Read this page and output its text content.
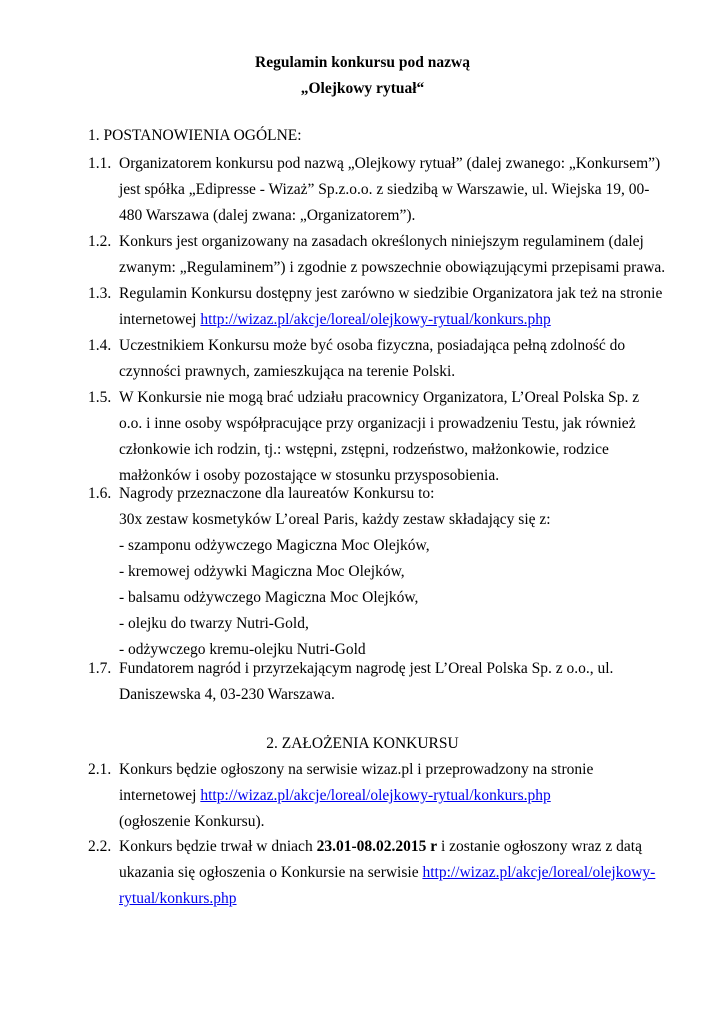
Regulamin konkursu pod nazwą
„Olejkowy rytuał“
1. POSTANOWIENIA OGÓLNE:
1.1. Organizatorem konkursu pod nazwą „Olejkowy rytuał” (dalej zwanego: „Konkursem”)
jest spółka „Edipresse - Wizaż” Sp.z.o.o. z siedzibą w Warszawie, ul. Wiejska 19, 00-
480 Warszawa (dalej zwana: „Organizatorem”).
1.2. Konkurs jest organizowany na zasadach określonych niniejszym regulaminem (dalej
zwanym: „Regulaminem”) i zgodnie z powszechnie obowiązującymi przepisami prawa.
1.3. Regulamin Konkursu dostępny jest zarówno w siedzibie Organizatora jak też na stronie
internetowej http://wizaz.pl/akcje/loreal/olejkowy-rytual/konkurs.php
1.4. Uczestnikiem Konkursu może być osoba fizyczna, posiadająca pełną zdolność do
czynności prawnych, zamieszkująca na terenie Polski.
1.5. W Konkursie nie mogą brać udziału pracownicy Organizatora, L’Oreal Polska Sp. z
o.o. i inne osoby współpracujące przy organizacji i prowadzeniu Testu, jak również
członkowie ich rodzin, tj.: wstępni, zstępni, rodzeństwo, małżonkowie, rodzice
małżonków i osoby pozostające w stosunku przysposobienia.
1.6. Nagrody przeznaczone dla laureatów Konkursu to:
30x zestaw kosmetyków L’oreal Paris, każdy zestaw składający się z:
- szamponu odżywczego Magiczna Moc Olejków,
- kremowej odżywki Magiczna Moc Olejków,
- balsamu odżywczego Magiczna Moc Olejków,
- olejku do twarzy Nutri-Gold,
- odżywczego kremu-olejku Nutri-Gold
1.7. Fundatorem nagród i przyrzekającym nagrodę jest L’Oreal Polska Sp. z o.o., ul.
Daniszewska 4, 03-230 Warszawa.
2. ZAŁOŻENIA KONKURSU
2.1. Konkurs będzie ogłoszony na serwisie wizaz.pl i przeprowadzony na stronie
internetowej http://wizaz.pl/akcje/loreal/olejkowy-rytual/konkurs.php
(ogłoszenie Konkursu).
2.2. Konkurs będzie trwał w dniach 23.01-08.02.2015 r i zostanie ogłoszony wraz z datą
ukazania się ogłoszenia o Konkursie na serwisie http://wizaz.pl/akcje/loreal/olejkowy-
rytual/konkurs.php
